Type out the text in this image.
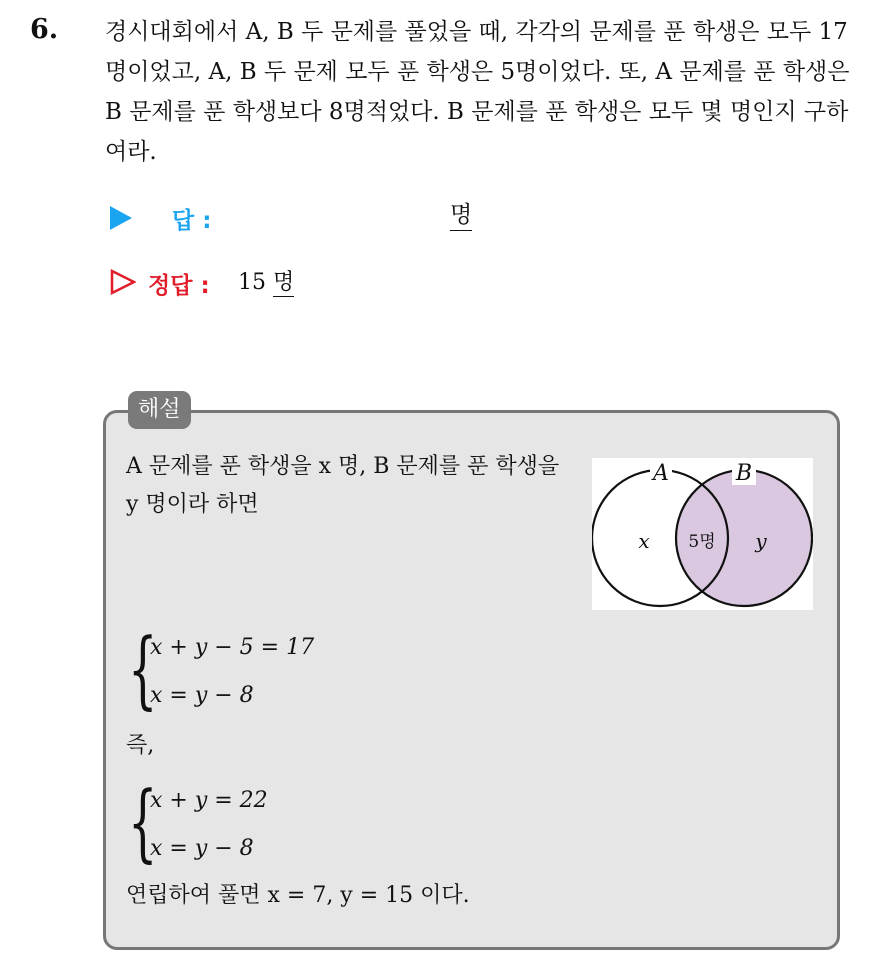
6. 경시대회에서 A, B 두 문제를 풀었을 때, 각각의 문제를 푼 학생은 모두 17명이었고, A, B 두 문제 모두 푼 학생은 5명이었다. 또, A 문제를 푼 학생은 B 문제를 푼 학생보다 8명적었다. B 문제를 푼 학생은 모두 몇 명인지 구하여라.

답 :	명
정답 : 15 명
해설

A 문제를 푼 학생을 x 명, B 문제를 푼 학생을 y 명이라 하면

A	B
x 5명 y
{
x + y − 5 = 17
x = y − 8
즉,
{
x + y = 22
x = y − 8
연립하여 풀면 x = 7, y = 15 이다.
